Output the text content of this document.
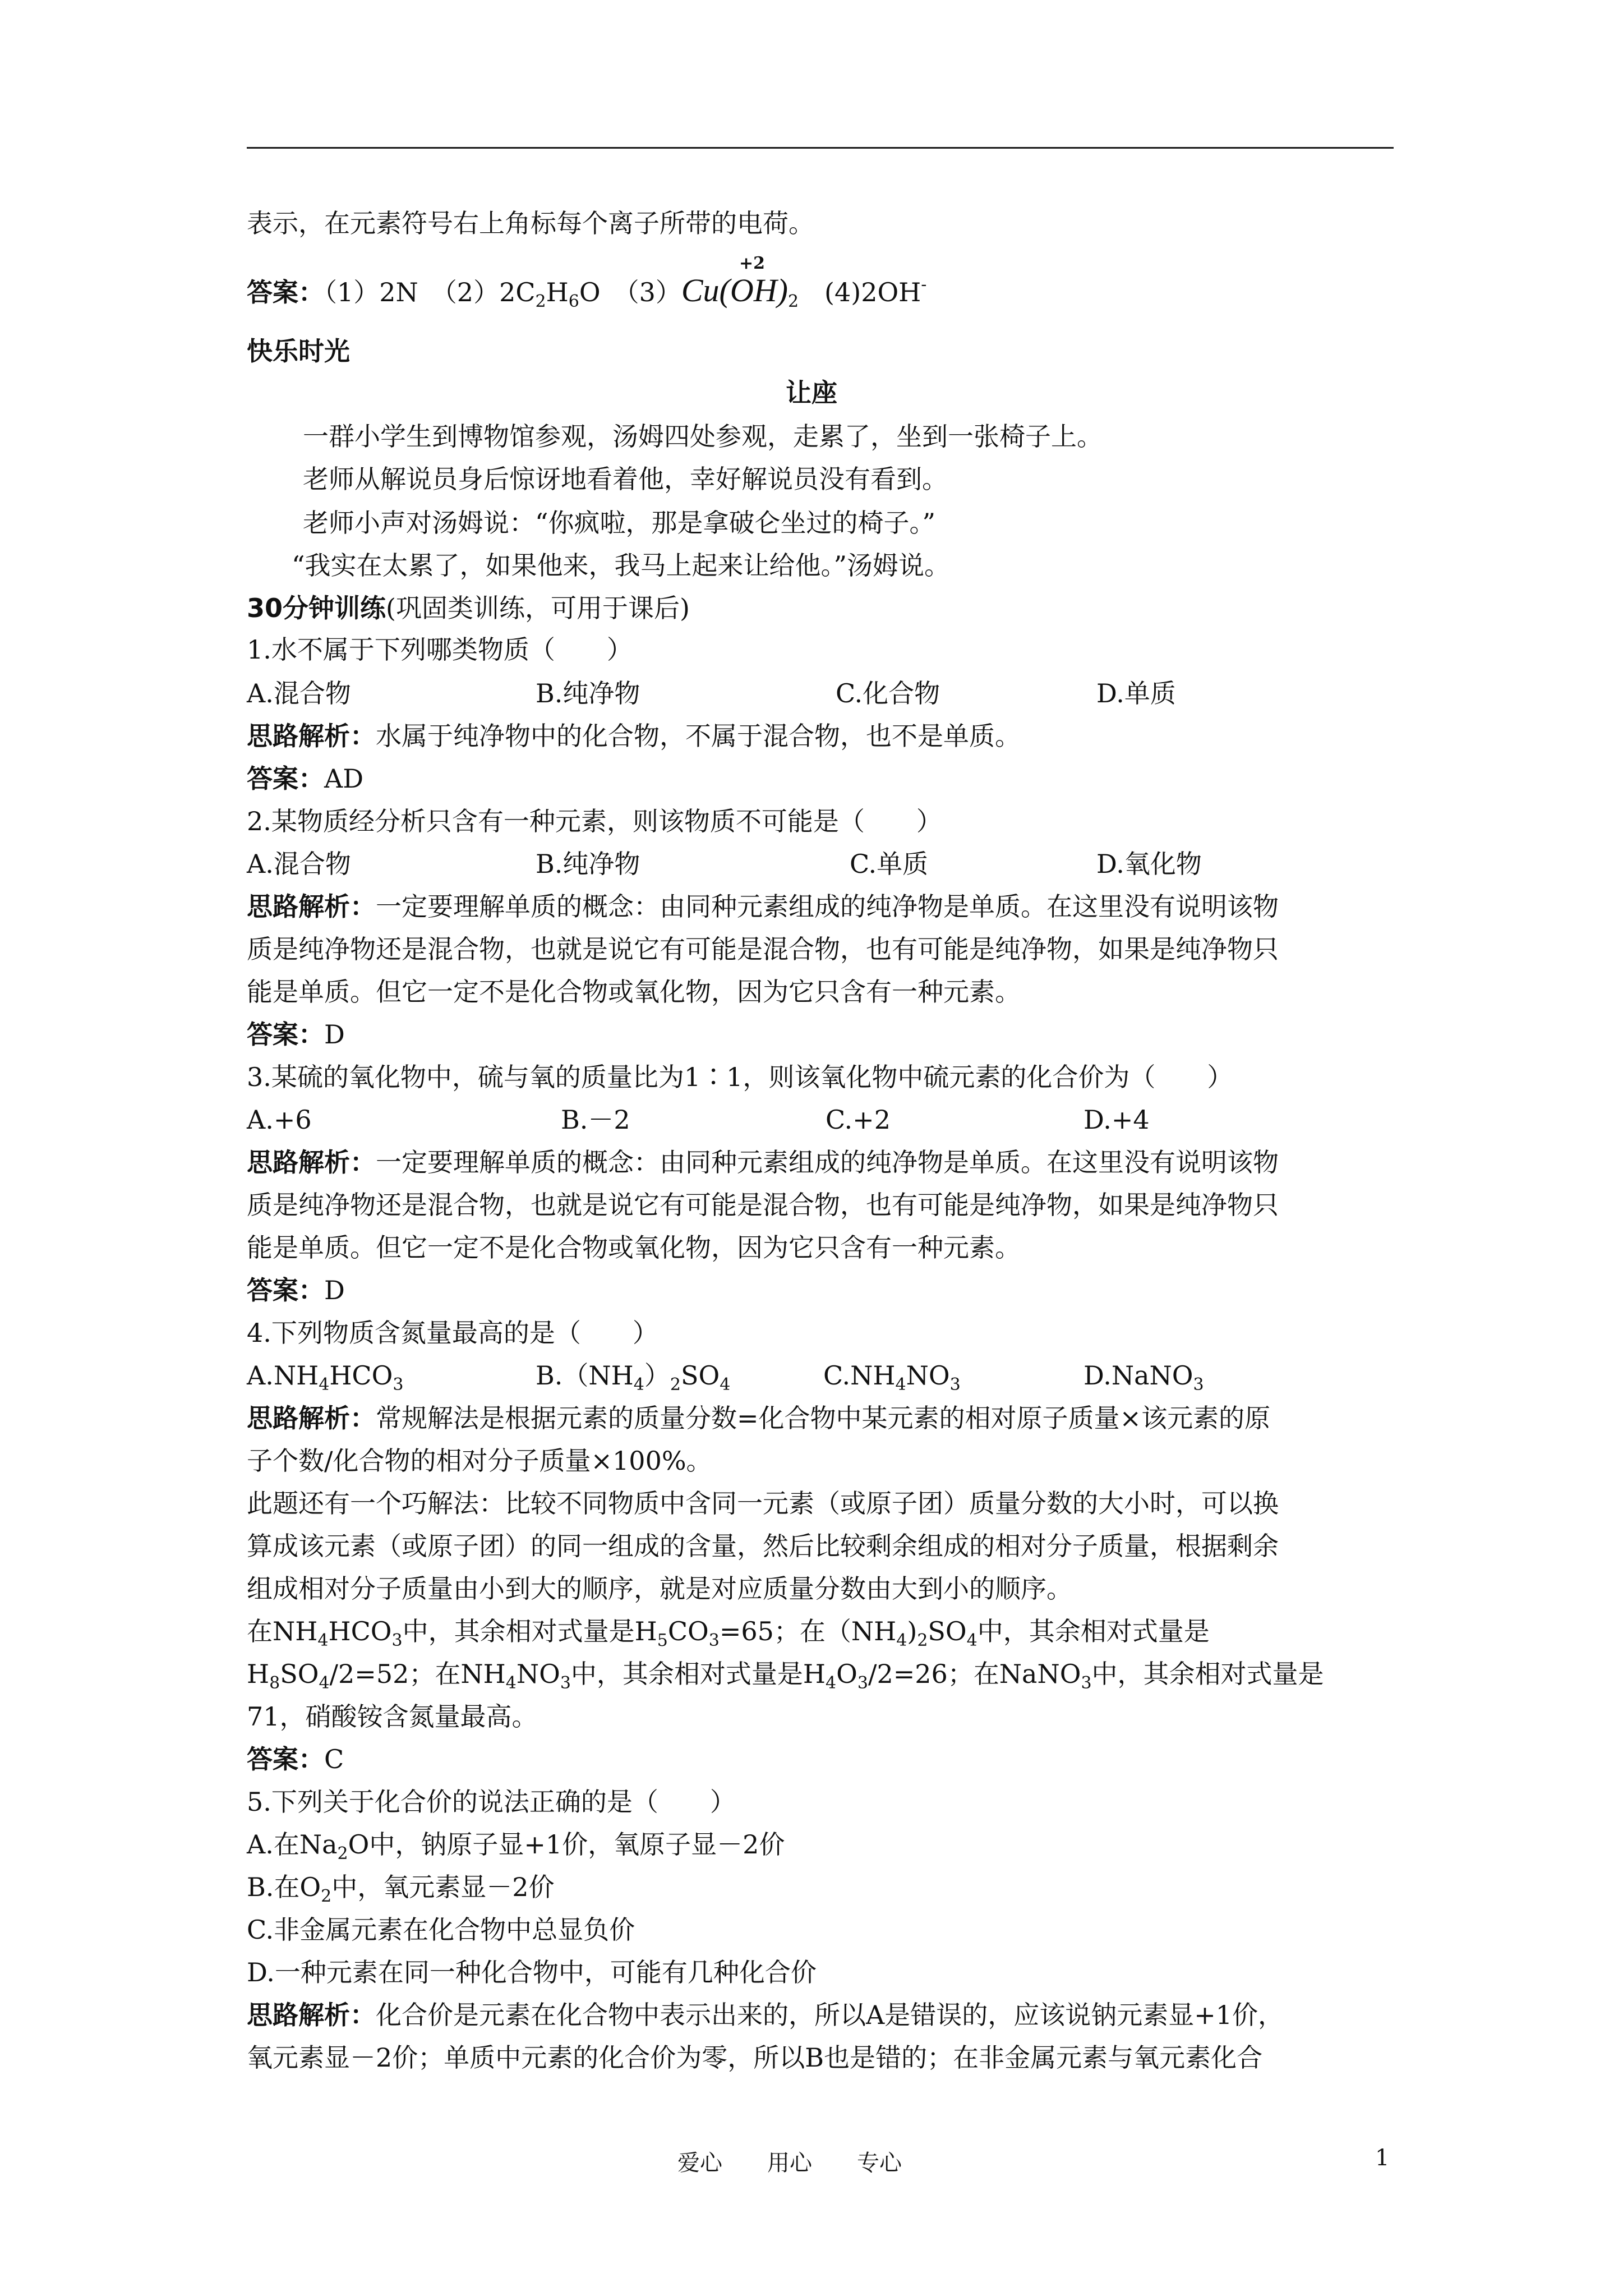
表示，在元素符号右上角标每个离子所带的电荷。
+2
答案：（1）2N　 $(2)2C_2H_6O$　 $(3)Cu(OH)_2$　 (4)2OH-
快乐时光
让座
一群小学生到博物馆参观，汤姆四处参观，走累了，坐到一张椅子上。
老师从解说员身后惊讶地看着他，幸好解说员没有看到。
老师小声对汤姆说：“你疯啦，那是拿破仑坐过的椅子。”
“我实在太累了，如果他来，我马上起来让给他。”汤姆说。
30分钟训练(巩固类训练，可用于课后)
1.水不属于下列哪类物质（　　）
A.混合物	B.纯净物	C.化合物	D.单质
思路解析：水属于纯净物中的化合物，不属于混合物，也不是单质。
答案：AD
2.某物质经分析只含有一种元素，则该物质不可能是（　　）
A.混合物	B.纯净物	C.单质	D.氧化物
思路解析：一定要理解单质的概念：由同种元素组成的纯净物是单质。在这里没有说明该物
质是纯净物还是混合物，也就是说它有可能是混合物，也有可能是纯净物，如果是纯净物只
能是单质。但它一定不是化合物或氧化物，因为它只含有一种元素。
答案：D
3.某硫的氧化物中，硫与氧的质量比为1∶1，则该氧化物中硫元素的化合价为（　　）
A.+6	B.－2	C.+2	D.+4
思路解析：一定要理解单质的概念：由同种元素组成的纯净物是单质。在这里没有说明该物
质是纯净物还是混合物，也就是说它有可能是混合物，也有可能是纯净物，如果是纯净物只
能是单质。但它一定不是化合物或氧化物，因为它只含有一种元素。
答案：D
4.下列物质含氮量最高的是（　　）
$A.NH_4HCO_3$	$B.(NH_4)_2SO_4$	$C.NH_4NO_3$	D.NaNO$_3$
思路解析：常规解法是根据元素的质量分数=化合物中某元素的相对原子质量×该元素的原
子个数/化合物的相对分子质量×100%。
此题还有一个巧解法：比较不同物质中含同一元素（或原子团）质量分数的大小时，可以换
算成该元素（或原子团）的同一组成的含量，然后比较剩余组成的相对分子质量，根据剩余
组成相对分子质量由小到大的顺序，就是对应质量分数由大到小的顺序。
在$NH_4HCO_3$中，其余相对式量是$H_5CO_3=65$；在$(NH_4)_2SO_4$中，其余相对式量是
$H_8SO_4/2=52$；在$NH_4NO_3$中，其余相对式量是$H_4O_3/2=26$；在NaNO$_3$中，其余相对式量是
71，硝酸铵含氮量最高。
答案：C
5.下列关于化合价的说法正确的是（　　）
A.在$Na_2O$中，钠原子显+1价，氧原子显－2价
B.在$O_2$中，氧元素显－2价
C.非金属元素在化合物中总显负价
D.一种元素在同一种化合物中，可能有几种化合价
思路解析：化合价是元素在化合物中表示出来的，所以A是错误的，应该说钠元素显+1价，
氧元素显－2价；单质中元素的化合价为零，所以B也是错的；在非金属元素与氧元素化合
爱心　　用心　　专心	1
